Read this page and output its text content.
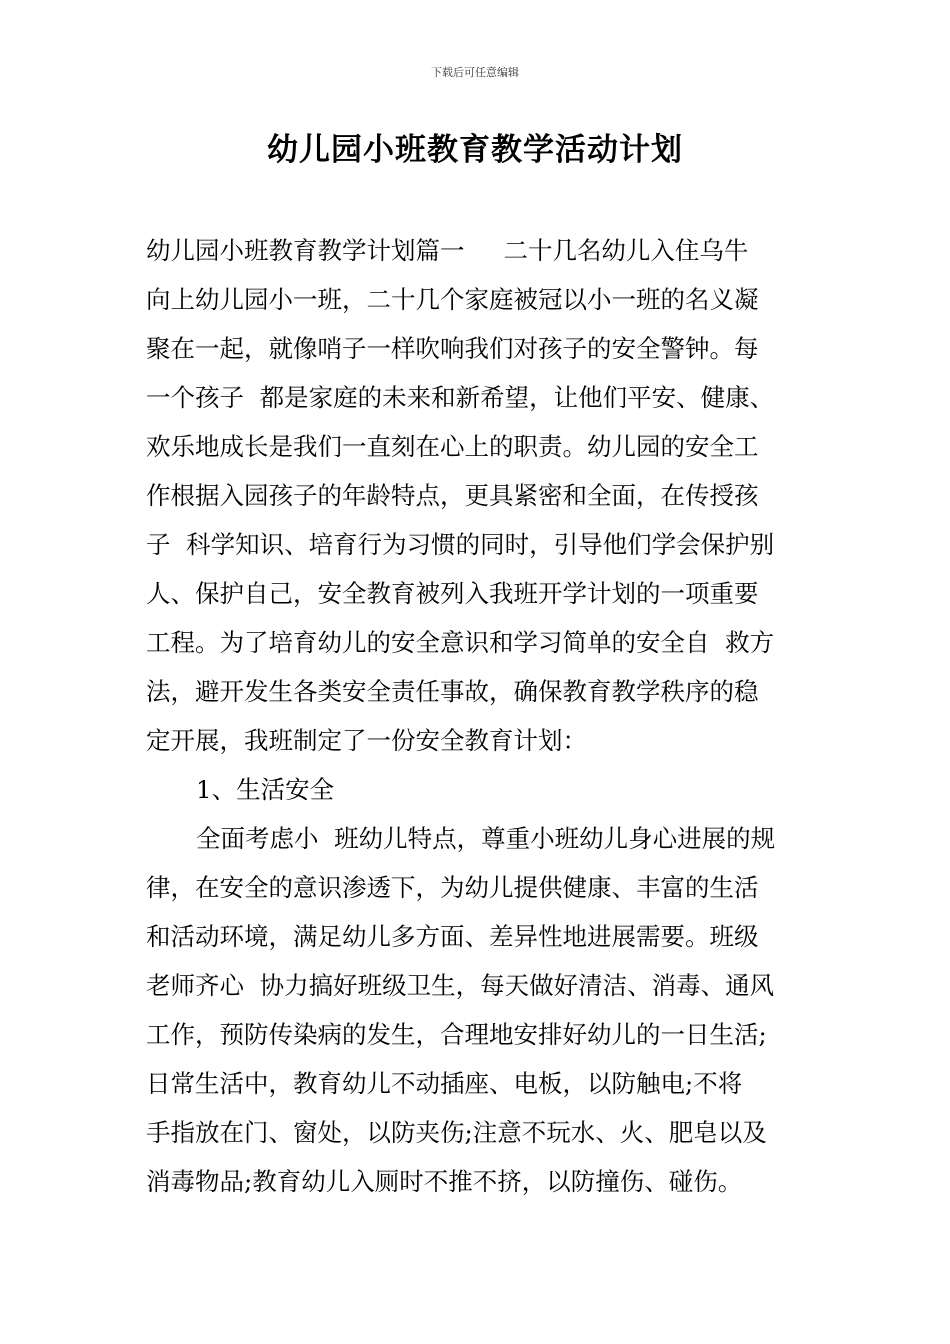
下载后可任意编辑
幼儿园小班教育教学活动计划
幼儿园小班教育教学计划篇一     二十几名幼儿入住乌牛
向上幼儿园小一班，二十几个家庭被冠以小一班的名义凝
聚在一起，就像哨子一样吹响我们对孩子的安全警钟。每
一个孩子  都是家庭的未来和新希望，让他们平安、健康、
欢乐地成长是我们一直刻在心上的职责。幼儿园的安全工
作根据入园孩子的年龄特点，更具紧密和全面，在传授孩
子  科学知识、培育行为习惯的同时，引导他们学会保护别
人、保护自己，安全教育被列入我班开学计划的一项重要
工程。为了培育幼儿的安全意识和学习简单的安全自  救方
法，避开发生各类安全责任事故，确保教育教学秩序的稳
定开展，我班制定了一份安全教育计划：
1、生活安全
全面考虑小  班幼儿特点，尊重小班幼儿身心进展的规
律，在安全的意识渗透下，为幼儿提供健康、丰富的生活
和活动环境，满足幼儿多方面、差异性地进展需要。班级
老师齐心  协力搞好班级卫生，每天做好清洁、消毒、通风
工作，预防传染病的发生，合理地安排好幼儿的一日生活;
日常生活中，教育幼儿不动插座、电板，以防触电;不将
手指放在门、窗处，以防夹伤;注意不玩水、火、肥皂以及
消毒物品;教育幼儿入厕时不推不挤，以防撞伤、碰伤。
